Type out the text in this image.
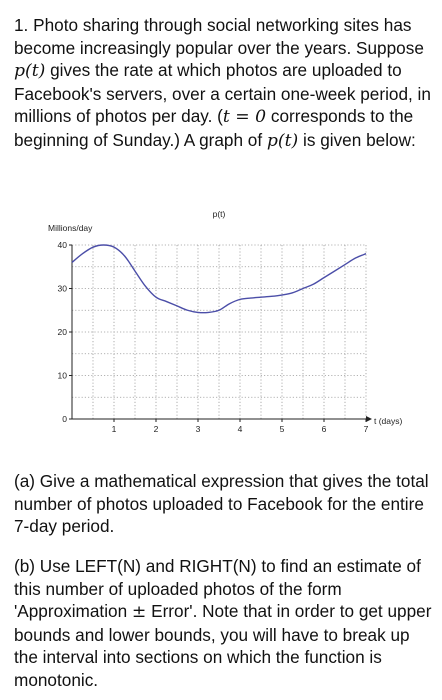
1. Photo sharing through social networking sites has become increasingly popular over the years. Suppose p(t) gives the rate at which photos are uploaded to Facebook's servers, over a certain one-week period, in millions of photos per day. (t = 0 corresponds to the beginning of Sunday.) A graph of p(t) is given below:

0
10
20
30
40
1	2	3	4	5	6	7
Millions/day
t (days)
p(t)

(a) Give a mathematical expression that gives the total number of photos uploaded to Facebook for the entire 7-day period.

(b) Use LEFT(N) and RIGHT(N) to find an estimate of this number of uploaded photos of the form 'Approximation ± Error'. Note that in order to get upper bounds and lower bounds, you will have to break up the interval into sections on which the function is monotonic.
